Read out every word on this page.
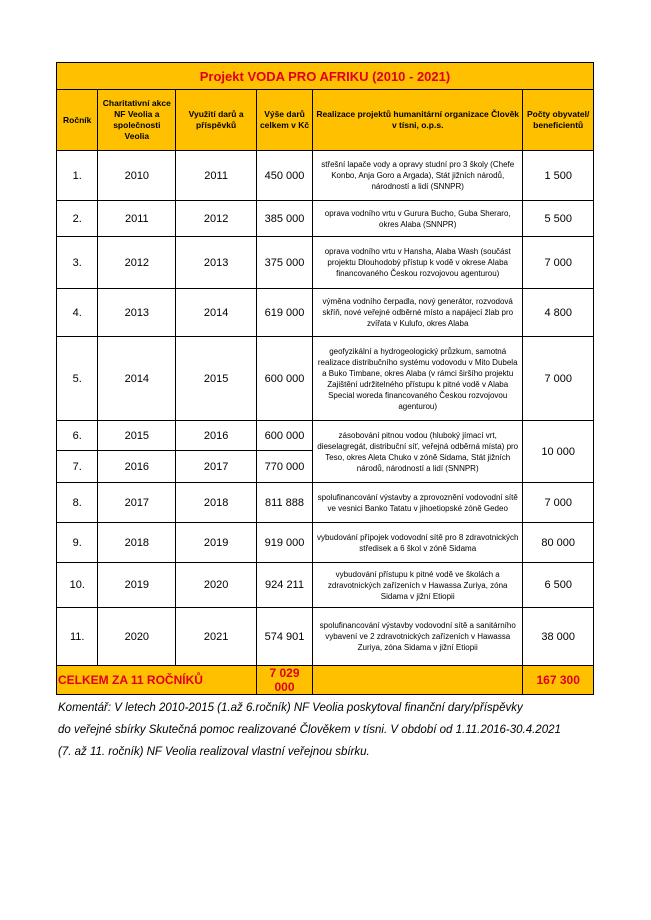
Projekt VODA PRO AFRIKU (2010 - 2021)					
Ročník	Charitativní akce NF Veolia a společnosti Veolia	Využití darů a příspěvků	Výše darů celkem v Kč	Realizace projektů humanitární organizace Člověk v tísni, o.p.s.	Počty obyvatel/ beneficientů
1.	2010	2011	450 000	střešní lapače vody a opravy studní pro 3 školy (Chefe Konbo, Anja Goro a Argada), Stát jižních národů, národností a lidí (SNNPR)	1 500
2.	2011	2012	385 000	oprava vodního vrtu v Gurura Bucho, Guba Sheraro, okres Alaba (SNNPR)	5 500
3.	2012	2013	375 000	oprava vodního vrtu v Hansha, Alaba Wash (součást projektu Dlouhodobý přístup k vodě v okrese Alaba financovaného Českou rozvojovou agenturou)	7 000
4.	2013	2014	619 000	výměna vodního čerpadla, nový generátor, rozvodová skříň, nové veřejné odběrné místo a napájecí žlab pro zvířata v Kulufo, okres Alaba	4 800
5.	2014	2015	600 000	geofyzikální a hydrogeologický průzkum, samotná realizace distribučního systému vodovodu v Mito Dubela a Buko Timbane, okres Alaba (v rámci širšího projektu Zajištění udržitelného přístupu k pitné vodě v Alaba Special woreda financovaného Českou rozvojovou agenturou)	7 000
6.	2015	2016	600 000	zásobování pitnou vodou (hluboký jímací vrt, dieselagregát, distribuční síť, veřejná odběrná místa) pro Teso, okres Aleta Chuko v zóně Sidama, Stát jižních národů, národností a lidí (SNNPR)	10 000
7.	2016	2017	770 000		
8.	2017	2018	811 888	spolufinancování výstavby a zprovoznění vodovodní sítě ve vesnici Banko Tatatu v jihoetiopské zóně Gedeo	7 000
9.	2018	2019	919 000	vybudování přípojek vodovodní sítě pro 8 zdravotnických středisek a 6 škol v zóně Sidama	80 000
10.	2019	2020	924 211	vybudování přístupu k pitné vodě ve školách a zdravotnických zařízeních v Hawassa Zuriya, zóna Sidama v jižní Etiopii	6 500
11.	2020	2021	574 901	spolufinancování výstavby vodovodní sítě a sanitárního vybavení ve 2 zdravotnických zařízeních v Hawassa Zuriya, zóna Sidama v jižní Etiopii	38 000
CELKEM ZA 11 ROČNÍKŮ			7 029 000		167 300
Komentář: V letech 2010-2015 (1.až 6.ročník) NF Veolia poskytoval finanční dary/příspěvky
do veřejné sbírky Skutečná pomoc realizované Člověkem v tísni. V období od 1.11.2016-30.4.2021
(7. až 11. ročník) NF Veolia realizoval vlastní veřejnou sbírku.
